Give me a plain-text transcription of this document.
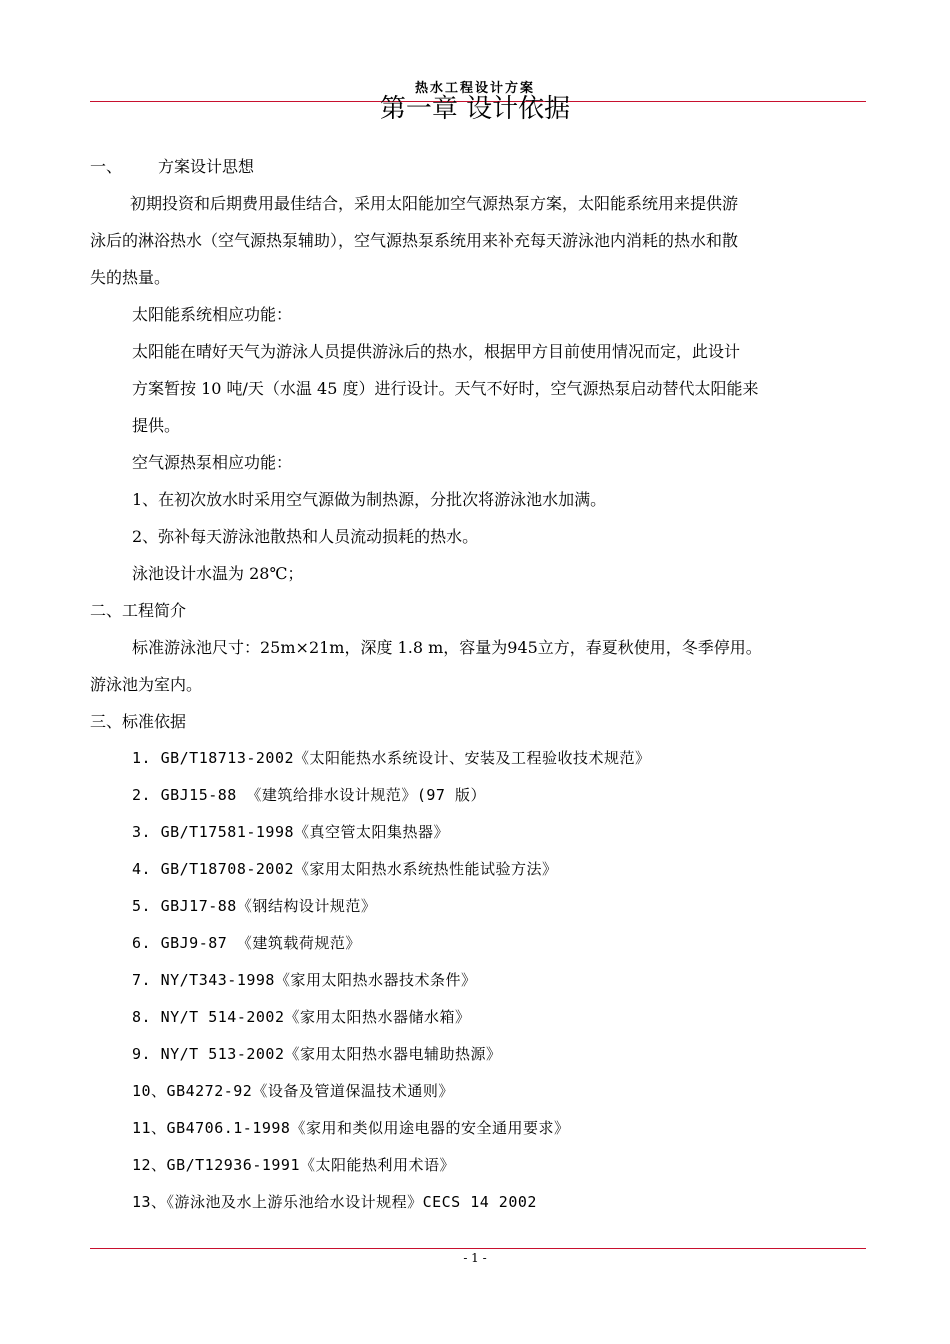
热水工程设计方案
第一章 设计依据
一、 方案设计思想
初期投资和后期费用最佳结合，采用太阳能加空气源热泵方案，太阳能系统用来提供游
泳后的淋浴热水（空气源热泵辅助），空气源热泵系统用来补充每天游泳池内消耗的热水和散
失的热量。
太阳能系统相应功能：
太阳能在晴好天气为游泳人员提供游泳后的热水，根据甲方目前使用情况而定，此设计
方案暂按 10 吨/天（水温 45 度）进行设计。天气不好时，空气源热泵启动替代太阳能来
提供。
空气源热泵相应功能：
1、在初次放水时采用空气源做为制热源，分批次将游泳池水加满。
2、弥补每天游泳池散热和人员流动损耗的热水。
泳池设计水温为 28℃；
二、工程简介
标准游泳池尺寸：25m×21m，深度 1.8 m，容量为945立方，春夏秋使用，冬季停用。
游泳池为室内。
三、标准依据
1. GB/T18713-2002《太阳能热水系统设计、安装及工程验收技术规范》
2. GBJ15-88 《建筑给排水设计规范》(97 版）
3. GB/T17581-1998《真空管太阳集热器》
4. GB/T18708-2002《家用太阳热水系统热性能试验方法》
5. GBJ17-88《钢结构设计规范》
6. GBJ9-87 《建筑载荷规范》
7. NY/T343-1998《家用太阳热水器技术条件》
8. NY/T 514-2002《家用太阳热水器储水箱》
9. NY/T 513-2002《家用太阳热水器电辅助热源》
10、GB4272-92《设备及管道保温技术通则》
11、GB4706.1-1998《家用和类似用途电器的安全通用要求》
12、GB/T12936-1991《太阳能热利用术语》
13、《游泳池及水上游乐池给水设计规程》CECS 14 2002
- 1 -
